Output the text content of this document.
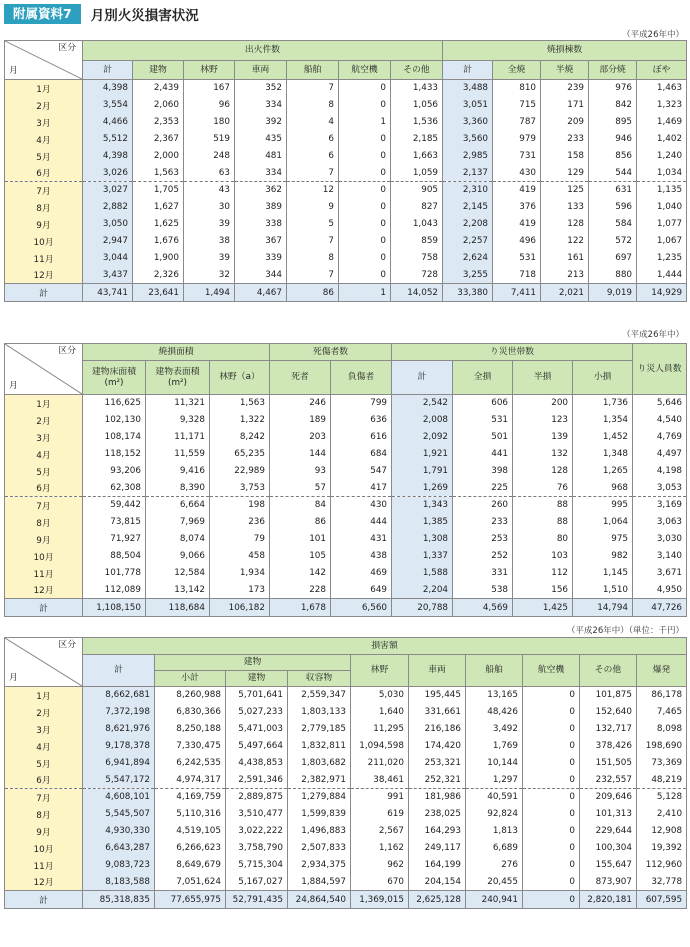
附属資料7	月別火災損害状況
（平成26年中）
区分
月	出火件数							焼損棟数				
	計	建物	林野	車両	船舶	航空機	その他	計	全焼	半焼	部分焼	ぼや
1月	4,398	2,439	167	352	7	0	1,433	3,488	810	239	976	1,463
2月	3,554	2,060	96	334	8	0	1,056	3,051	715	171	842	1,323
3月	4,466	2,353	180	392	4	1	1,536	3,360	787	209	895	1,469
4月	5,512	2,367	519	435	6	0	2,185	3,560	979	233	946	1,402
5月	4,398	2,000	248	481	6	0	1,663	2,985	731	158	856	1,240
6月	3,026	1,563	63	334	7	0	1,059	2,137	430	129	544	1,034
7月	3,027	1,705	43	362	12	0	905	2,310	419	125	631	1,135
8月	2,882	1,627	30	389	9	0	827	2,145	376	133	596	1,040
9月	3,050	1,625	39	338	5	0	1,043	2,208	419	128	584	1,077
10月	2,947	1,676	38	367	7	0	859	2,257	496	122	572	1,067
11月	3,044	1,900	39	339	8	0	758	2,624	531	161	697	1,235
12月	3,437	2,326	32	344	7	0	728	3,255	718	213	880	1,444
計	43,741	23,641	1,494	4,467	86	1	14,052	33,380	7,411	2,021	9,019	14,929
（平成26年中）
区分
月	焼損面積			死傷者数		り災世帯数				り災人員数
	建物床面積
(m²)	建物表面積
(m²)	林野（a）	死者	負傷者	計	全損	半損	小損	
1月	116,625	11,321	1,563	246	799	2,542	606	200	1,736	5,646
2月	102,130	9,328	1,322	189	636	2,008	531	123	1,354	4,540
3月	108,174	11,171	8,242	203	616	2,092	501	139	1,452	4,769
4月	118,152	11,559	65,235	144	684	1,921	441	132	1,348	4,497
5月	93,206	9,416	22,989	93	547	1,791	398	128	1,265	4,198
6月	62,308	8,390	3,753	57	417	1,269	225	76	968	3,053
7月	59,442	6,664	198	84	430	1,343	260	88	995	3,169
8月	73,815	7,969	236	86	444	1,385	233	88	1,064	3,063
9月	71,927	8,074	79	101	431	1,308	253	80	975	3,030
10月	88,504	9,066	458	105	438	1,337	252	103	982	3,140
11月	101,778	12,584	1,934	142	469	1,588	331	112	1,145	3,671
12月	112,089	13,142	173	228	649	2,204	538	156	1,510	4,950
計	1,108,150	118,684	106,182	1,678	6,560	20,788	4,569	1,425	14,794	47,726
（平成26年中）（単位：千円）
区分
月	損害額									
	計	建物			林野	車両	船舶	航空機	その他	爆発
		小計	建物	収容物						
1月	8,662,681	8,260,988	5,701,641	2,559,347	5,030	195,445	13,165	0	101,875	86,178
2月	7,372,198	6,830,366	5,027,233	1,803,133	1,640	331,661	48,426	0	152,640	7,465
3月	8,621,976	8,250,188	5,471,003	2,779,185	11,295	216,186	3,492	0	132,717	8,098
4月	9,178,378	7,330,475	5,497,664	1,832,811	1,094,598	174,420	1,769	0	378,426	198,690
5月	6,941,894	6,242,535	4,438,853	1,803,682	211,020	253,321	10,144	0	151,505	73,369
6月	5,547,172	4,974,317	2,591,346	2,382,971	38,461	252,321	1,297	0	232,557	48,219
7月	4,608,101	4,169,759	2,889,875	1,279,884	991	181,986	40,591	0	209,646	5,128
8月	5,545,507	5,110,316	3,510,477	1,599,839	619	238,025	92,824	0	101,313	2,410
9月	4,930,330	4,519,105	3,022,222	1,496,883	2,567	164,293	1,813	0	229,644	12,908
10月	6,643,287	6,266,623	3,758,790	2,507,833	1,162	249,117	6,689	0	100,304	19,392
11月	9,083,723	8,649,679	5,715,304	2,934,375	962	164,199	276	0	155,647	112,960
12月	8,183,588	7,051,624	5,167,027	1,884,597	670	204,154	20,455	0	873,907	32,778
計	85,318,835	77,655,975	52,791,435	24,864,540	1,369,015	2,625,128	240,941	0	2,820,181	607,595
